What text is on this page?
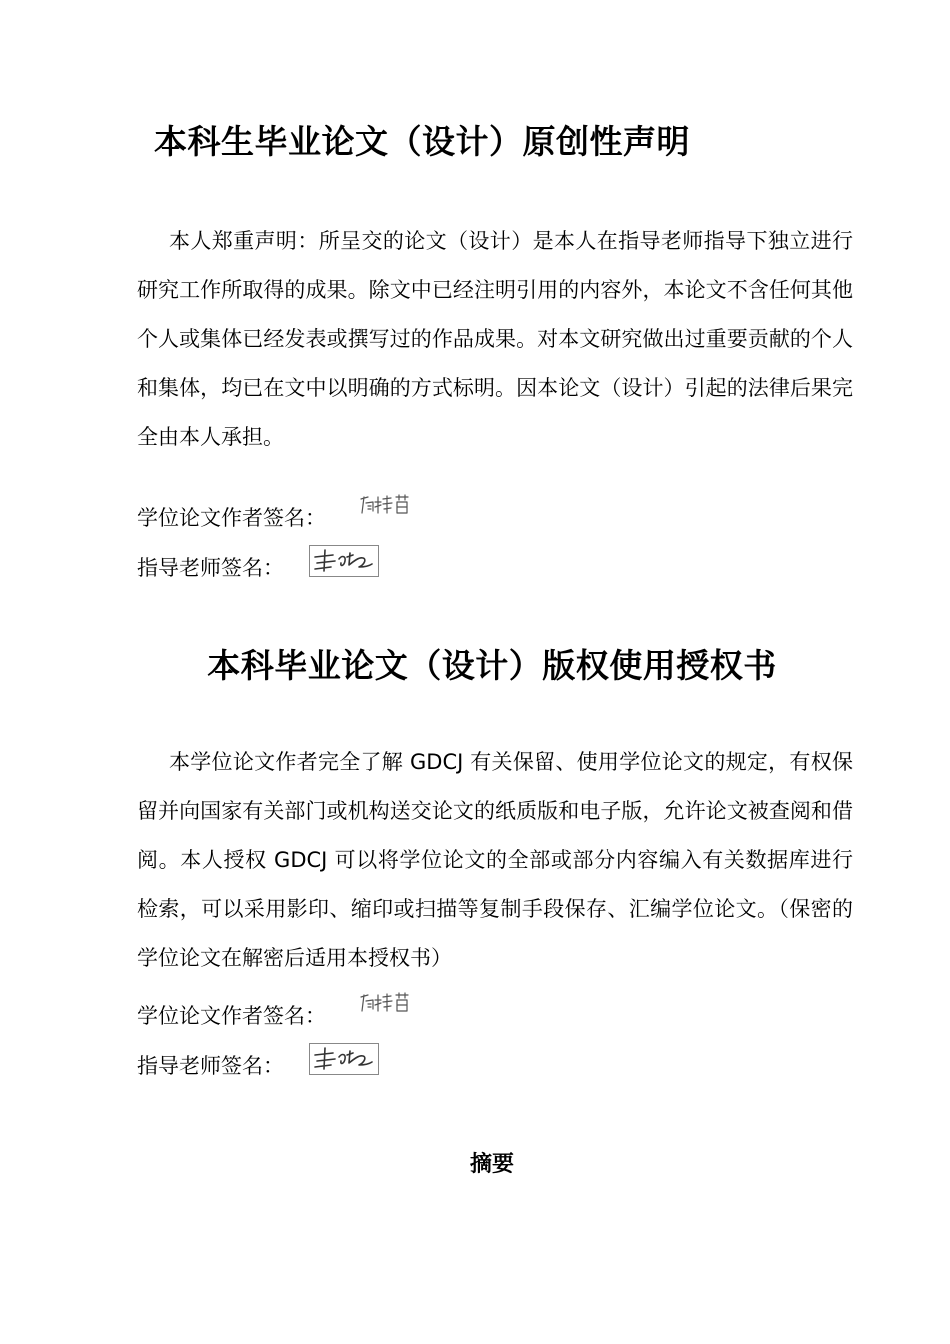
本科生毕业论文（设计）原创性声明

本人郑重声明：所呈交的论文（设计）是本人在指导老师指导下独立进行研究工作所取得的成果。除文中已经注明引用的内容外，本论文不含任何其他个人或集体已经发表或撰写过的作品成果。对本文研究做出过重要贡献的个人和集体，均已在文中以明确的方式标明。因本论文（设计）引起的法律后果完全由本人承担。

学位论文作者签名：
指导老师签名：
本科毕业论文（设计）版权使用授权书

本学位论文作者完全了解 GDCJ 有关保留、使用学位论文的规定，有权保留并向国家有关部门或机构送交论文的纸质版和电子版，允许论文被查阅和借阅。本人授权 GDCJ 可以将学位论文的全部或部分内容编入有关数据库进行检索，可以采用影印、缩印或扫描等复制手段保存、汇编学位论文。（保密的学位论文在解密后适用本授权书）

学位论文作者签名：
指导老师签名：
摘要
